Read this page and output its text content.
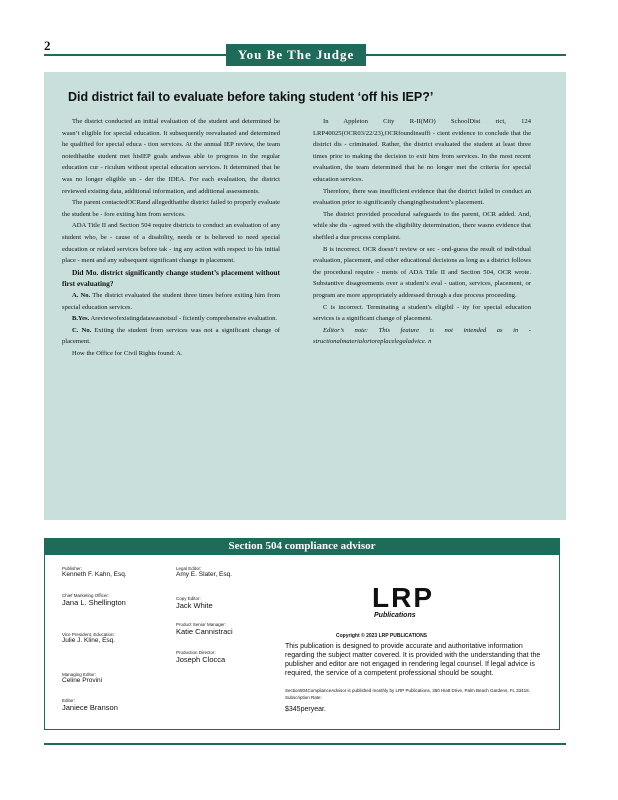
2
You Be The Judge
Did district fail to evaluate before taking student ‘off his IEP?’

The district conducted an initial evaluation of the student and determined he wasn’t eligible for special education. It subsequently reevaluated and determined he qualified for special educa - tion services. At the annual IEP review, the team notedthatthe student met hisIEP goals andwas able to progress in the regular education cur - riculum without special education services. It determined that he was no longer eligible un - der the IDEA. For each evaluation, the district reviewed existing data, additional information, and additional assessments.

The parent contactedOCRand allegedthatthe district failed to properly evaluate the student be - fore exiting him from services.

ADA Title II and Section 504 require districts to conduct an evaluation of any student who, be - cause of a disability, needs or is believed to need special education or related services before tak - ing any action with respect to his initial place - ment and any subsequent significant change in placement.

Did Mo. district significantly change student’s placement without first evaluating?

A. No. The district evaluated the student three times before exiting him from special education services.

B.Yes. Areviewofexistingdatawasnotsuf - ficiently comprehensive evaluation.

C. No. Exiting the student from services was not a significant change of placement.

How the Office for Civil Rights found: A.

In Appleton City R-II(MO) SchoolDist rict, 124 LRP40025(OCR03/22/23),OCRfoundinsuffi - cient evidence to conclude that the district dis - criminated. Rather, the district evaluated the student at least three times prior to making the decision to exit him from services. In the most recent evaluation, the team determined that he no longer met the criteria for special education services.

Therefore, there was insufficient evidence that the district failed to conduct an evaluation prior to significantly changingthestudent’s placement.

The district provided procedural safeguards to the parent, OCR added. And, while she dis - agreed with the eligibility determination, there wasno evidence that shefiled a due process complaint.

B is incorrect. OCR doesn’t review or sec - ond-guess the result of individual evaluation, placement, and other educational decisions as long as a district follows the procedural require - ments of ADA Title II and Section 504, OCR wrote. Substantive disagreements over a student’s eval - uation, services, placement, or program are more appropriately addressed through a due process proceeding.

C is incorrect. Terminating a student’s eligibil - ity for special education services is a significant change of placement.

Editor’s note: This feature is not intended as in - structionalmaterialortoreplacelegaladvice. n

Section 504 compliance advisor
Publisher:
Kenneth F. Kahn, Esq.
Chief Marketing Officer:
Jana L. Shellington
Vice President, Education:
Julie J. Kline, Esq.
Managing Editor:
Celine Provini
Editor:
Janiece Branson
Legal Editor:
Amy E. Slater, Esq.
Copy Editor:
Jack White
Product Senior Manager:
Katie Cannistraci
Production Director:
Joseph Clocca
LRP
Publications
Copyright © 2023 LRP PUBLICATIONS
This publication is designed to provide accurate and authoritative information regarding the subject matter covered. It is provided with the understanding that the publisher and editor are not engaged in rendering legal counsel. If legal advice is required, the service of a competent professional should be sought.
Section504ComplianceAdvisor is published monthly by LRP Publications, 360 Hiatt Drive, Palm Beach Gardens, FL 33418. Subscription Rate:
$345peryear.
